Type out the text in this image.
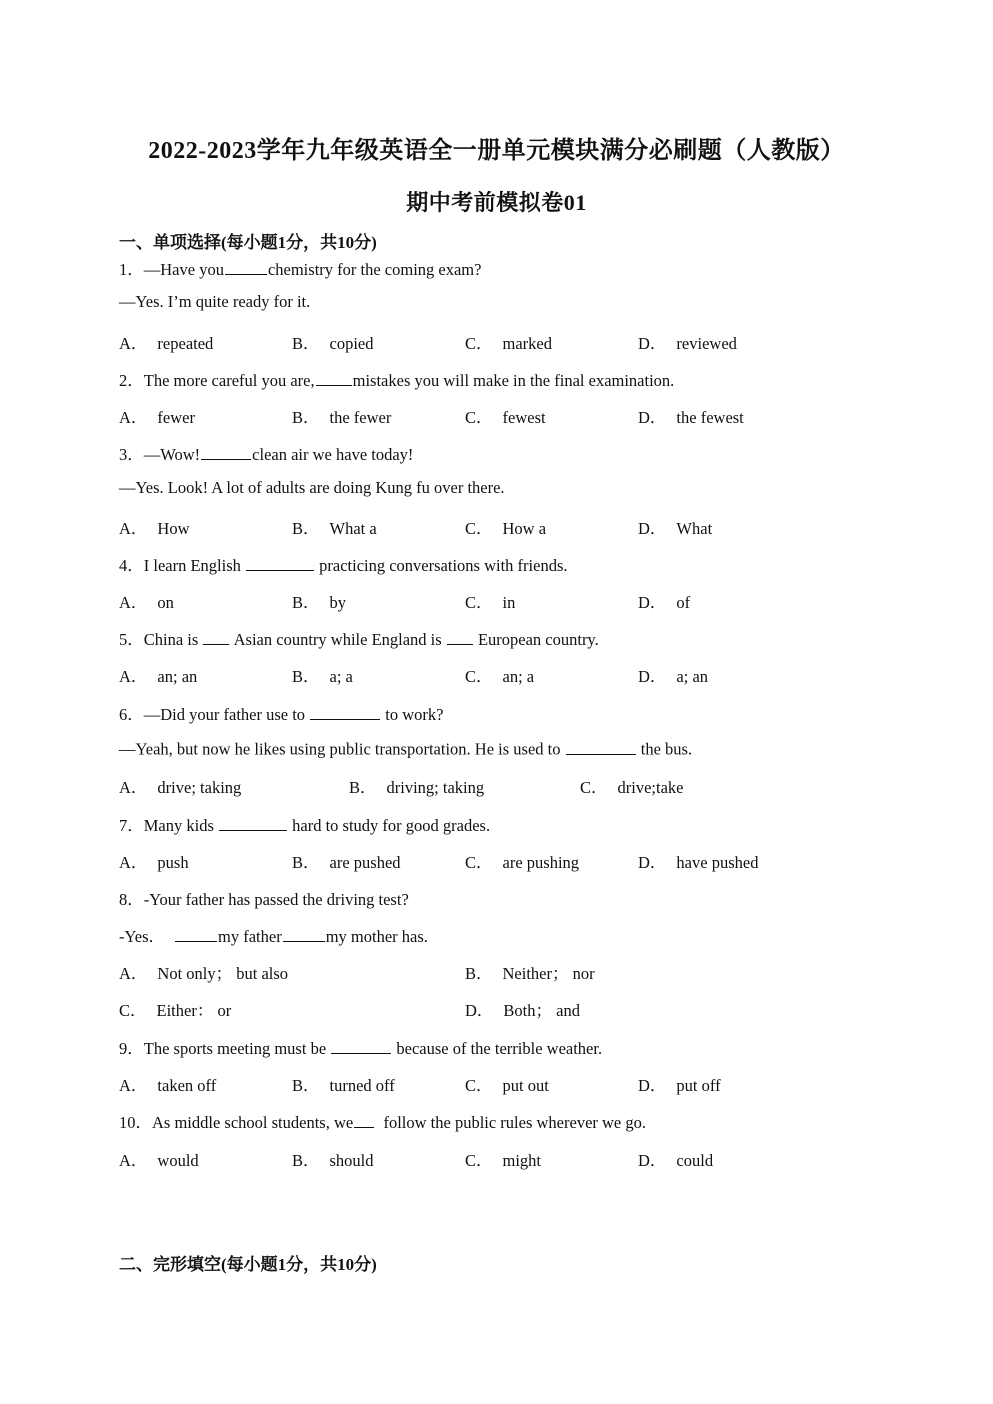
2022-2023学年九年级英语全一册单元模块满分必刷题（人教版）
期中考前模拟卷01
一、单项选择(每小题1分，共10分)
1．—Have you	chemistry for the coming exam?
—Yes. I’m quite ready for it.
A． repeated	B． copied	C． marked	D． reviewed
2．The more careful you are, mistakes you will make in the final examination.
A． fewer	B． the fewer	C． fewest	D． the fewest
3．—Wow!	clean air we have today!
—Yes. Look! A lot of adults are doing Kung fu over there.
A． How	B． What a	C． How a	D． What
4．I learn English	practicing conversations with friends.
A． on	B． by	C． in	D． of
5．China is Asian country while England is European country.
A． an; an	B． a; a	C． an; a	D． a; an
6．—Did your father use to	to work?
—Yeah, but now he likes using public transportation. He is used to	the bus.
A． drive; taking	B． driving; taking	C． drive;take
7．Many kids	hard to study for good grades.
A． push	B． are pushed	C． are pushing	D． have pushed
8．-Your father has passed the driving test?
-Yes．	my father	my mother has.
A． Not only； but also	B． Neither； nor
C． Either： or	D． Both； and
9．The sports meeting must be	because of the terrible weather.
A． taken off	B． turned off	C． put out	D． put off
10．As middle school students, we follow the public rules wherever we go.
A． would	B． should	C． might	D． could
二、完形填空(每小题1分，共10分)
